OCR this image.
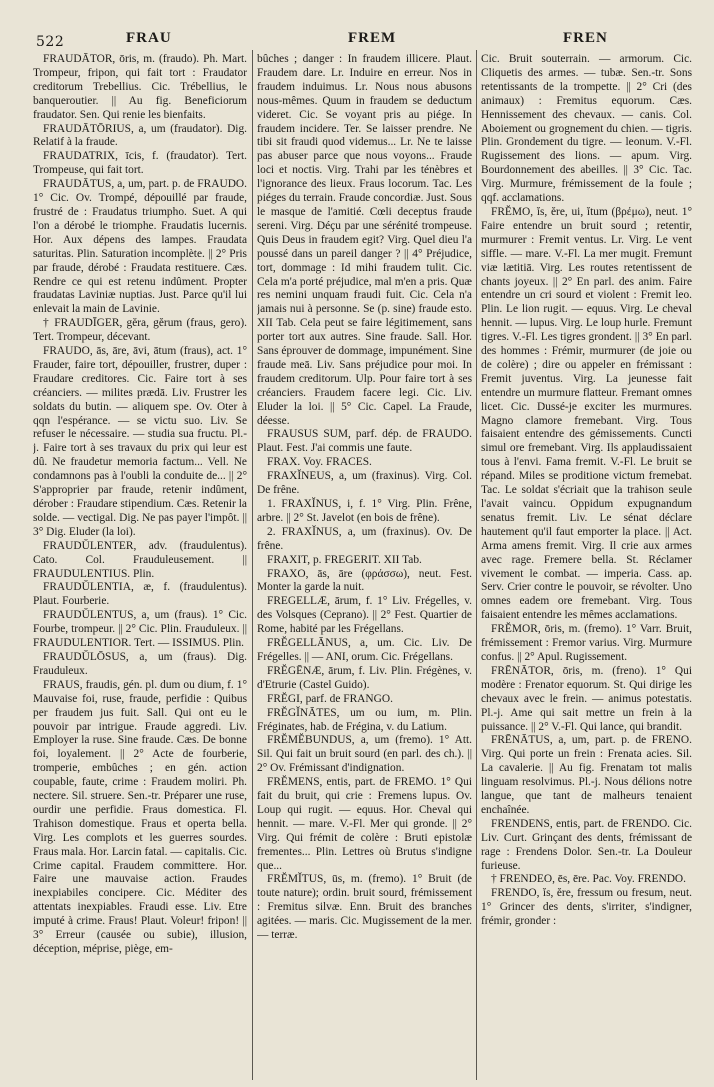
522	FRAU	FREM	FREN

FRAUDĀTOR, ōris, m. (fraudo). Ph. Mart. Trompeur, fripon, qui fait tort : Fraudator creditorum Trebellius. Cic. Trébellius, le banqueroutier. || Au fig. Beneficiorum fraudator. Sen. Qui renie les bienfaits.

FRAUDĀTŌRIUS, a, um (fraudator). Dig. Relatif à la fraude.

FRAUDATRIX, īcis, f. (fraudator). Tert. Trompeuse, qui fait tort.

FRAUDĀTUS, a, um, part. p. de FRAUDO. 1° Cic. Ov. Trompé, dépouillé par fraude, frustré de : Fraudatus triumpho. Suet. A qui l'on a dérobé le triomphe. Fraudatis lucernis. Hor. Aux dépens des lampes. Fraudata saturitas. Plin. Saturation incomplète. || 2° Pris par fraude, dérobé : Fraudata restituere. Cæs. Rendre ce qui est retenu indûment. Propter fraudatas Laviniæ nuptias. Just. Parce qu'il lui enlevait la main de Lavinie.

† FRAUDĪGER, gĕra, gĕrum (fraus, gero). Tert. Trompeur, décevant.

FRAUDO, ās, āre, āvi, ātum (fraus), act. 1° Frauder, faire tort, dépouiller, frustrer, duper : Fraudare creditores. Cic. Faire tort à ses créanciers. — milites prædā. Liv. Frustrer les soldats du butin. — aliquem spe. Ov. Oter à qqn l'espérance. — se victu suo. Liv. Se refuser le nécessaire. — studia sua fructu. Pl.-j. Faire tort à ses travaux du prix qui leur est dû. Ne fraudetur memoria factum... Vell. Ne condamnons pas à l'oubli la conduite de... || 2° S'approprier par fraude, retenir indûment, dérober : Fraudare stipendium. Cæs. Retenir la solde. — vectigal. Dig. Ne pas payer l'impôt. || 3° Dig. Eluder (la loi).

FRAUDŬLENTER, adv. (fraudulentus). Cato. Col. Frauduleusement. || FRAUDULENTIUS. Plin.

FRAUDŬLENTIA, æ, f. (fraudulentus). Plaut. Fourberie.

FRAUDŬLENTUS, a, um (fraus). 1° Cic. Fourbe, trompeur. || 2° Cic. Plin. Frauduleux. || FRAUDULENTIOR. Tert. — ISSIMUS. Plin.

FRAUDŬLŌSUS, a, um (fraus). Dig. Frauduleux.

FRAUS, fraudis, gén. pl. dum ou dium, f. 1° Mauvaise foi, ruse, fraude, perfidie : Quibus per fraudem jus fuit. Sall. Qui ont eu le pouvoir par intrigue. Fraude aggredi. Liv. Employer la ruse. Sine fraude. Cæs. De bonne foi, loyalement. || 2° Acte de fourberie, tromperie, embûches ; en gén. action coupable, faute, crime : Fraudem moliri. Ph. nectere. Sil. struere. Sen.-tr. Préparer une ruse, ourdir une perfidie. Fraus domestica. Fl. Trahison domestique. Fraus et operta bella. Virg. Les complots et les guerres sourdes. Fraus mala. Hor. Larcin fatal. — capitalis. Cic. Crime capital. Fraudem committere. Hor. Faire une mauvaise action. Fraudes inexpiabiles concipere. Cic. Méditer des attentats inexpiables. Fraudi esse. Liv. Etre imputé à crime. Fraus! Plaut. Voleur! fripon! || 3° Erreur (causée ou subie), illusion, déception, méprise, piège, em-

bûches ; danger : In fraudem illicere. Plaut. Fraudem dare. Lr. Induire en erreur. Nos in fraudem induimus. Lr. Nous nous abusons nous-mêmes. Quum in fraudem se deductum videret. Cic. Se voyant pris au piége. In fraudem incidere. Ter. Se laisser prendre. Ne tibi sit fraudi quod videmus... Lr. Ne te laisse pas abuser parce que nous voyons... Fraude loci et noctis. Virg. Trahi par les ténèbres et l'ignorance des lieux. Fraus locorum. Tac. Les piéges du terrain. Fraude concordiæ. Just. Sous le masque de l'amitié. Cœli deceptus fraude sereni. Virg. Déçu par une sérénité trompeuse. Quis Deus in fraudem egit? Virg. Quel dieu l'a poussé dans un pareil danger ? || 4° Préjudice, tort, dommage : Id mihi fraudem tulit. Cic. Cela m'a porté préjudice, mal m'en a pris. Quæ res nemini unquam fraudi fuit. Cic. Cela n'a jamais nui à personne. Se (p. sine) fraude esto. XII Tab. Cela peut se faire légitimement, sans porter tort aux autres. Sine fraude. Sall. Hor. Sans éprouver de dommage, impunément. Sine fraude meā. Liv. Sans préjudice pour moi. In fraudem creditorum. Ulp. Pour faire tort à ses créanciers. Fraudem facere legi. Cic. Liv. Eluder la loi. || 5° Cic. Capel. La Fraude, déesse.

FRAUSUS SUM, parf. dép. de FRAUDO. Plaut. Fest. J'ai commis une faute.

FRAX. Voy. FRACES.

FRAXĬNEUS, a, um (fraxinus). Virg. Col. De frêne.

1. FRAXĬNUS, i, f. 1° Virg. Plin. Frêne, arbre. || 2° St. Javelot (en bois de frêne).

2. FRAXĬNUS, a, um (fraxinus). Ov. De frêne.

FRAXIT, p. FREGERIT. XII Tab.

FRAXO, ās, āre (φράσσω), neut. Fest. Monter la garde la nuit.

FREGELLÆ, ārum, f. 1° Liv. Frégelles, v. des Volsques (Ceprano). || 2° Fest. Quartier de Rome, habité par les Frégellans.

FRĔGELLĀNUS, a, um. Cic. Liv. De Frégelles. || — ANI, orum. Cic. Frégellans.

FRĔGĒNÆ, ārum, f. Liv. Plin. Frégènes, v. d'Etrurie (Castel Guido).

FRĔGI, parf. de FRANGO.

FRĔGĬNĀTES, um ou ium, m. Plin. Fréginates, hab. de Frégina, v. du Latium.

FRĔMĔBUNDUS, a, um (fremo). 1° Att. Sil. Qui fait un bruit sourd (en parl. des ch.). || 2° Ov. Frémissant d'indignation.

FRĔMENS, entis, part. de FREMO. 1° Qui fait du bruit, qui crie : Fremens lupus. Ov. Loup qui rugit. — equus. Hor. Cheval qui hennit. — mare. V.-Fl. Mer qui gronde. || 2° Virg. Qui frémit de colère : Bruti epistolæ frementes... Plin. Lettres où Brutus s'indigne que...

FRĔMĬTUS, ūs, m. (fremo). 1° Bruit (de toute nature); ordin. bruit sourd, frémissement : Fremitus silvæ. Enn. Bruit des branches agitées. — maris. Cic. Mugissement de la mer. — terræ.

Cic. Bruit souterrain. — armorum. Cic. Cliquetis des armes. — tubæ. Sen.-tr. Sons retentissants de la trompette. || 2° Cri (des animaux) : Fremitus equorum. Cæs. Hennissement des chevaux. — canis. Col. Aboiement ou grognement du chien. — tigris. Plin. Grondement du tigre. — leonum. V.-Fl. Rugissement des lions. — apum. Virg. Bourdonnement des abeilles. || 3° Cic. Tac. Virg. Murmure, frémissement de la foule ; qqf. acclamations.

FRĔMO, ĭs, ĕre, ui, ĭtum (βρέμω), neut. 1° Faire entendre un bruit sourd ; retentir, murmurer : Fremit ventus. Lr. Virg. Le vent siffle. — mare. V.-Fl. La mer mugit. Fremunt viæ lætitiā. Virg. Les routes retentissent de chants joyeux. || 2° En parl. des anim. Faire entendre un cri sourd et violent : Fremit leo. Plin. Le lion rugit. — equus. Virg. Le cheval hennit. — lupus. Virg. Le loup hurle. Fremunt tigres. V.-Fl. Les tigres grondent. || 3° En parl. des hommes : Frémir, murmurer (de joie ou de colère) ; dire ou appeler en frémissant : Fremit juventus. Virg. La jeunesse fait entendre un murmure flatteur. Fremant omnes licet. Cic. Dussé-je exciter les murmures. Magno clamore fremebant. Virg. Tous faisaient entendre des gémissements. Cuncti simul ore fremebant. Virg. Ils applaudissaient tous à l'envi. Fama fremit. V.-Fl. Le bruit se répand. Miles se proditione victum fremebat. Tac. Le soldat s'écriait que la trahison seule l'avait vaincu. Oppidum expugnandum senatus fremit. Liv. Le sénat déclare hautement qu'il faut emporter la place. || Act. Arma amens fremit. Virg. Il crie aux armes avec rage. Fremere bella. St. Réclamer vivement le combat. — imperia. Cass. ap. Serv. Crier contre le pouvoir, se révolter. Uno omnes eadem ore fremebant. Virg. Tous faisaient entendre les mêmes acclamations.

FRĔMOR, ōris, m. (fremo). 1° Varr. Bruit, frémissement : Fremor varius. Virg. Murmure confus. || 2° Apul. Rugissement.

FRĒNĀTOR, ōris, m. (freno). 1° Qui modère : Frenator equorum. St. Qui dirige les chevaux avec le frein. — animus potestatis. Pl.-j. Ame qui sait mettre un frein à la puissance. || 2° V.-Fl. Qui lance, qui brandit.

FRĒNĀTUS, a, um, part. p. de FRENO. Virg. Qui porte un frein : Frenata acies. Sil. La cavalerie. || Au fig. Frenatam tot malis linguam resolvimus. Pl.-j. Nous délions notre langue, que tant de malheurs tenaient enchaînée.

FRENDENS, entis, part. de FRENDO. Cic. Liv. Curt. Grinçant des dents, frémissant de rage : Frendens Dolor. Sen.-tr. La Douleur furieuse.

† FRENDEO, ēs, ēre. Pac. Voy. FRENDO.

FRENDO, ĭs, ĕre, fressum ou fresum, neut. 1° Grincer des dents, s'irriter, s'indigner, frémir, gronder :
